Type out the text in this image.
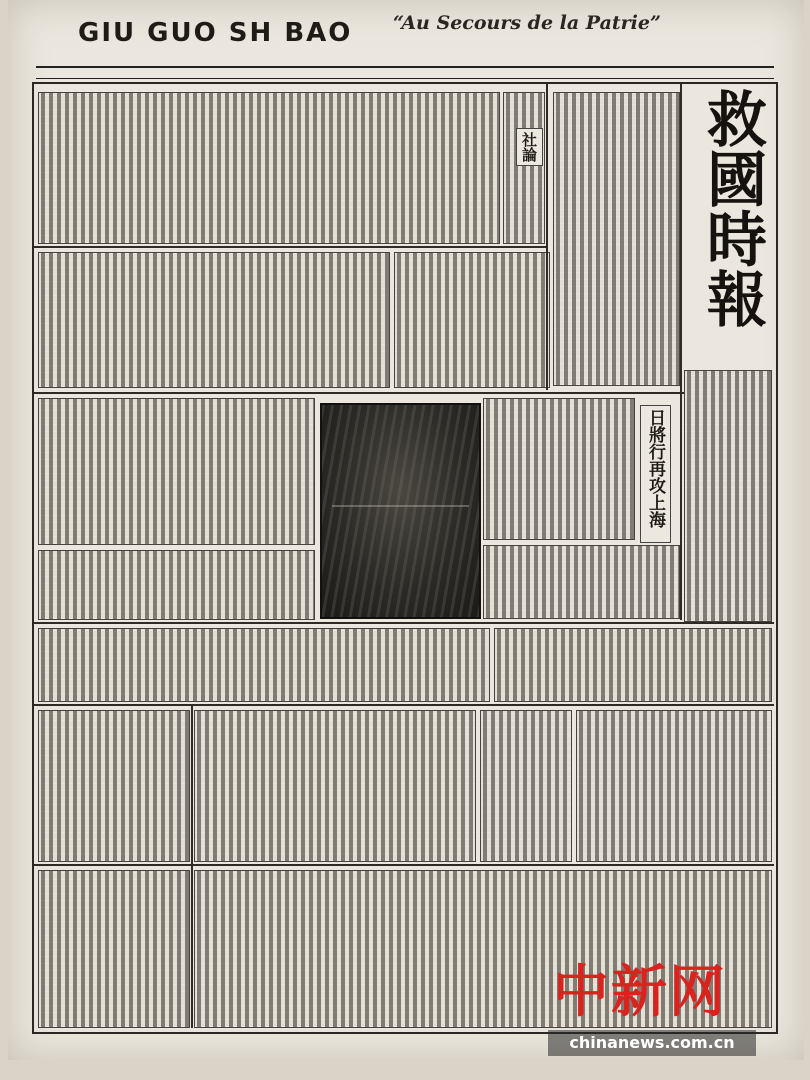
GIU GUO SH BAO “Au Secours de la Patrie”
社論	救國時報
日將行再攻上海
中新网
chinanews.com.cn
